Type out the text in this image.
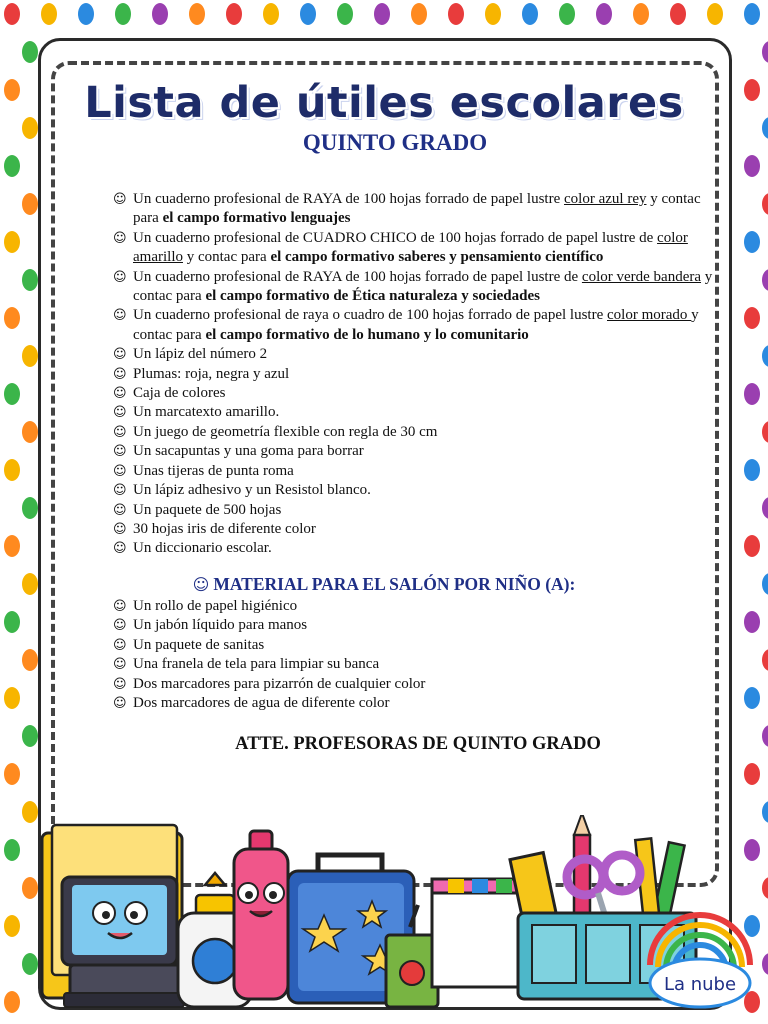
Lista de útiles escolares
QUINTO GRADO
☺ Un cuaderno profesional de RAYA de 100 hojas forrado de papel lustre color azul rey y contac para el campo formativo lenguajes
☺ Un cuaderno profesional de CUADRO CHICO de 100 hojas forrado de papel lustre de color amarillo y contac para el campo formativo saberes y pensamiento científico
☺ Un cuaderno profesional de RAYA de 100 hojas forrado de papel lustre de color verde bandera y contac para el campo formativo de Ética naturaleza y sociedades
☺ Un cuaderno profesional de raya o cuadro de 100 hojas forrado de papel lustre color morado y contac para el campo formativo de lo humano y lo comunitario
☺ Un lápiz del número 2
☺ Plumas: roja, negra y azul
☺ Caja de colores
☺ Un marcatexto amarillo.
☺ Un juego de geometría flexible con regla de 30 cm
☺ Un sacapuntas y una goma para borrar
☺ Unas tijeras de punta roma
☺ Un lápiz adhesivo y un Resistol blanco.
☺ Un paquete de 500 hojas
☺ 30 hojas iris de diferente color
☺ Un diccionario escolar.
☺ MATERIAL PARA EL SALÓN POR NIÑO (A):
☺ Un rollo de papel higiénico
☺ Un jabón líquido para manos
☺ Un paquete de sanitas
☺ Una franela de tela para limpiar su banca
☺ Dos marcadores para pizarrón de cualquier color
☺ Dos marcadores de agua de diferente color
ATTE. PROFESORAS DE QUINTO GRADO
La nube
